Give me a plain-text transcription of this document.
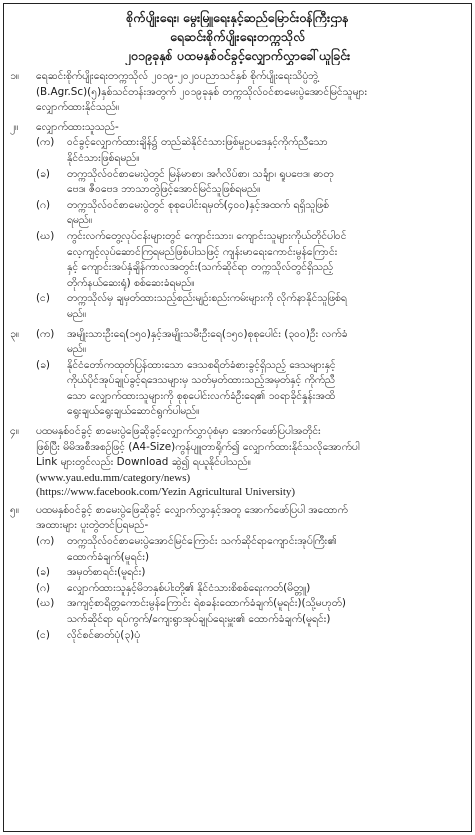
စိုက်ပျိုးရေး၊ မွေးမြူရေးနှင့်ဆည်မြောင်းဝန်ကြီးဌာန
ရေဆင်းစိုက်ပျိုးရေးတက္ကသိုလ်
၂၀၁၉ခုနှစ် ပထမနှစ်ဝင်ခွင့်လျှောက်လွှာခေါ်ယူခြင်း
၁။	ရေဆင်းစိုက်ပျိုးရေးတက္ကသိုလ် ၂၀၁၉-၂၀၂၀ပညာသင်နှစ် စိုက်ပျိုးရေးသိပ္ပံဘွဲ့
(B.Agr.Sc)(၅)နှစ်သင်တန်းအတွက် ၂၀၁၉ခုနှစ် တက္ကသိုလ်ဝင်စာမေးပွဲအောင်မြင်သူများ
လျှောက်ထားနိုင်သည်။
၂။	လျှောက်ထားသူသည်-
(က)	ဝင်ခွင့်လျှောက်ထားချိန်၌ တည်ဆဲနိုင်ငံသားဖြစ်မှုဥပဒေနှင့်ကိုက်ညီသော
နိုင်ငံသားဖြစ်ရမည်။
(ခ)	တက္ကသိုလ်ဝင်စာမေးပွဲတွင် မြန်မာစာ၊ အင်္ဂလိပ်စာ၊ သင်္ချာ၊ ရူပဗေဒ၊ ဓာတု
ဗေဒ၊ ဇီဝဗေဒ ဘာသာတွဲဖြင့်အောင်မြင်သူဖြစ်ရမည်။
(ဂ)	တက္ကသိုလ်ဝင်စာမေးပွဲတွင် စုစုပေါင်းရမှတ်(၄၀၀)နှင့်အထက် ရရှိသူဖြစ်
ရမည်။
(ဃ)	ကွင်းလက်တွေ့လုပ်ငန်းများတွင် ကျောင်းသား၊ ကျောင်းသူများကိုယ်တိုင်ပါဝင်
လေ့ကျင့်လုပ်ဆောင်ကြရမည်ဖြစ်ပါသဖြင့် ကျန်းမာရေးကောင်းမွန်ကြောင်း
နှင့် ကျောင်းအပ်နှံချိန်ကာလအတွင်း(သက်ဆိုင်ရာ တက္ကသိုလ်တွင်ရှိသည့်
တိုက်နယ်ဆေးရုံ) စစ်ဆေးခံရမည်။
(င)	တက္ကသိုလ်မှ ချမှတ်ထားသည့်စည်းမျဉ်းစည်းကမ်းများကို လိုက်နာနိုင်သူဖြစ်ရ
မည်။
၃။	(က)	အမျိုးသားဦးရေ(၁၅၀)နှင့်အမျိုးသမီးဦးရေ(၁၅၀)စုစုပေါင်း (၃၀၀)ဦး လက်ခံ
မည်။
(ခ)	နိုင်ငံတော်ကထုတ်ပြန်ထားသော ဒေသစရိတ်ခံစားခွင့်ရှိသည့် ဒေသများနှင့်
ကိုယ်ပိုင်အုပ်ချုပ်ခွင့်ရဒေသများမှ သတ်မှတ်ထားသည့်အမှတ်နှင့် ကိုက်ညီ
သော လျှောက်ထားသူများကို စုစုပေါင်းလက်ခံဦးရေ၏ ၁၀ရာခိုင်နှုန်းအထိ
ရွေးချယ်ရွေးချယ်ဆောင်ရွက်ပါမည်။
၄။	ပထမနှစ်ဝင်ခွင့် စာမေးပွဲဖြေဆိုခွင့်လျှောက်လွှာပုံစံမှာ အောက်ဖော်ပြပါအတိုင်း
ဖြစ်ပြီး မိမိအစီအစဉ်ဖြင့် (A4-Size)ကွန်ပျူတာရိုက်၍ လျှောက်ထားနိုင်သလိုအောက်ပါ
Link များတွင်လည်း Download ဆွဲ၍ ရယူနိုင်ပါသည်။
(www.yau.edu.mm/category/news)
(https://www.facebook.com/Yezin Agricultural University)
၅။	ပထမနှစ်ဝင်ခွင့် စာမေးပွဲဖြေဆိုခွင့် လျှောက်လွှာနှင့်အတူ အောက်ဖော်ပြပါ အထောက်
အထားများ ပူးတွဲတင်ပြရမည်-
(က)	တက္ကသိုလ်ဝင်စာမေးပွဲအောင်မြင်ကြောင်း သက်ဆိုင်ရာကျောင်းအုပ်ကြီး၏
ထောက်ခံချက်(မူရင်း)
(ခ)	အမှတ်စာရင်း(မူရင်း)
(ဂ)	လျှောက်ထားသူနှင့်မိဘနှစ်ပါးတို့၏ နိုင်ငံသားစိစစ်ရေးကတ်(မိတ္တူ)
(ဃ)	အကျင့်စာရိတ္တကောင်းမွန်ကြောင်း ရဲစခန်းထောက်ခံချက်(မူရင်း)(သို့မဟုတ်)
သက်ဆိုင်ရာ ရပ်ကွက်/ကျေးရွာအုပ်ချုပ်ရေးမှူး၏ ထောက်ခံချက်(မူရင်း)
(င)	လိုင်စင်ဓာတ်ပုံ(၃)ပုံ
